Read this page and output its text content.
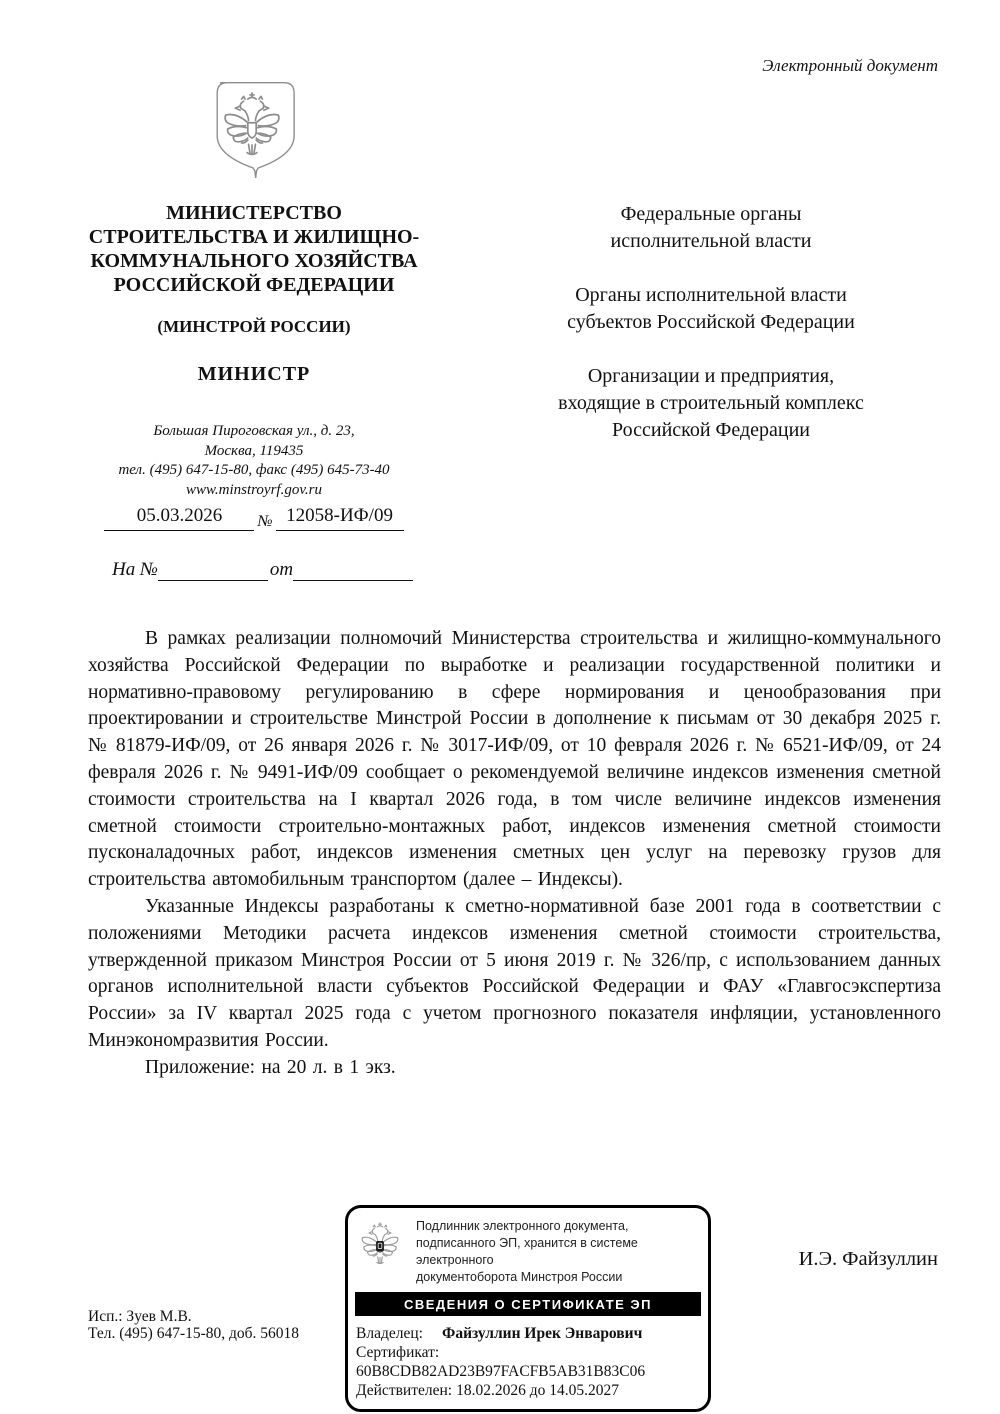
Электронный документ
МИНИСТЕРСТВО
СТРОИТЕЛЬСТВА И ЖИЛИЩНО-
КОММУНАЛЬНОГО ХОЗЯЙСТВА
РОССИЙСКОЙ ФЕДЕРАЦИИ
(МИНСТРОЙ РОССИИ)
МИНИСТР
Большая Пироговская ул., д. 23,
Москва, 119435
тел. (495) 647-15-80, факс (495) 645-73-40
www.minstroyrf.gov.ru
05.03.2026	№ 12058-ИФ/09
На №	от
Федеральные органы
исполнительной власти
Органы исполнительной власти
субъектов Российской Федерации
Организации и предприятия,
входящие в строительный комплекс
Российской Федерации

В рамках реализации полномочий Министерства строительства и жилищно-коммунального хозяйства Российской Федерации по выработке и реализации государственной политики и нормативно-правовому регулированию в сфере нормирования и ценообразования при проектировании и строительстве Минстрой России в дополнение к письмам от 30 декабря 2025 г. № 81879-ИФ/09, от 26 января 2026 г. № 3017-ИФ/09, от 10 февраля 2026 г. № 6521-ИФ/09, от 24 февраля 2026 г. № 9491-ИФ/09 сообщает о рекомендуемой величине индексов изменения сметной стоимости строительства на I квартал 2026 года, в том числе величине индексов изменения сметной стоимости строительно-монтажных работ, индексов изменения сметной стоимости пусконаладочных работ, индексов изменения сметных цен услуг на перевозку грузов для строительства автомобильным транспортом (далее – Индексы).

Указанные Индексы разработаны к сметно-нормативной базе 2001 года в соответствии с положениями Методики расчета индексов изменения сметной стоимости строительства, утвержденной приказом Минстроя России от 5 июня 2019 г. № 326/пр, с использованием данных органов исполнительной власти субъектов Российской Федерации и ФАУ «Главгосэкспертиза России» за IV квартал 2025 года с учетом прогнозного показателя инфляции, установленного Минэкономразвития России.

Приложение: на 20 л. в 1 экз.

Подлинник электронного документа,
подписанного ЭП, хранится в системе электронного
документоборота Минстроя России
СВЕДЕНИЯ О СЕРТИФИКАТЕ ЭП
Владелец: Файзуллин Ирек Энварович
Сертификат:60B8CDB82AD23B97FACFB5AB31B83C06
Действителен: 18.02.2026 до 14.05.2027
И.Э. Файзуллин
Исп.: Зуев М.В.
Тел. (495) 647-15-80, доб. 56018
